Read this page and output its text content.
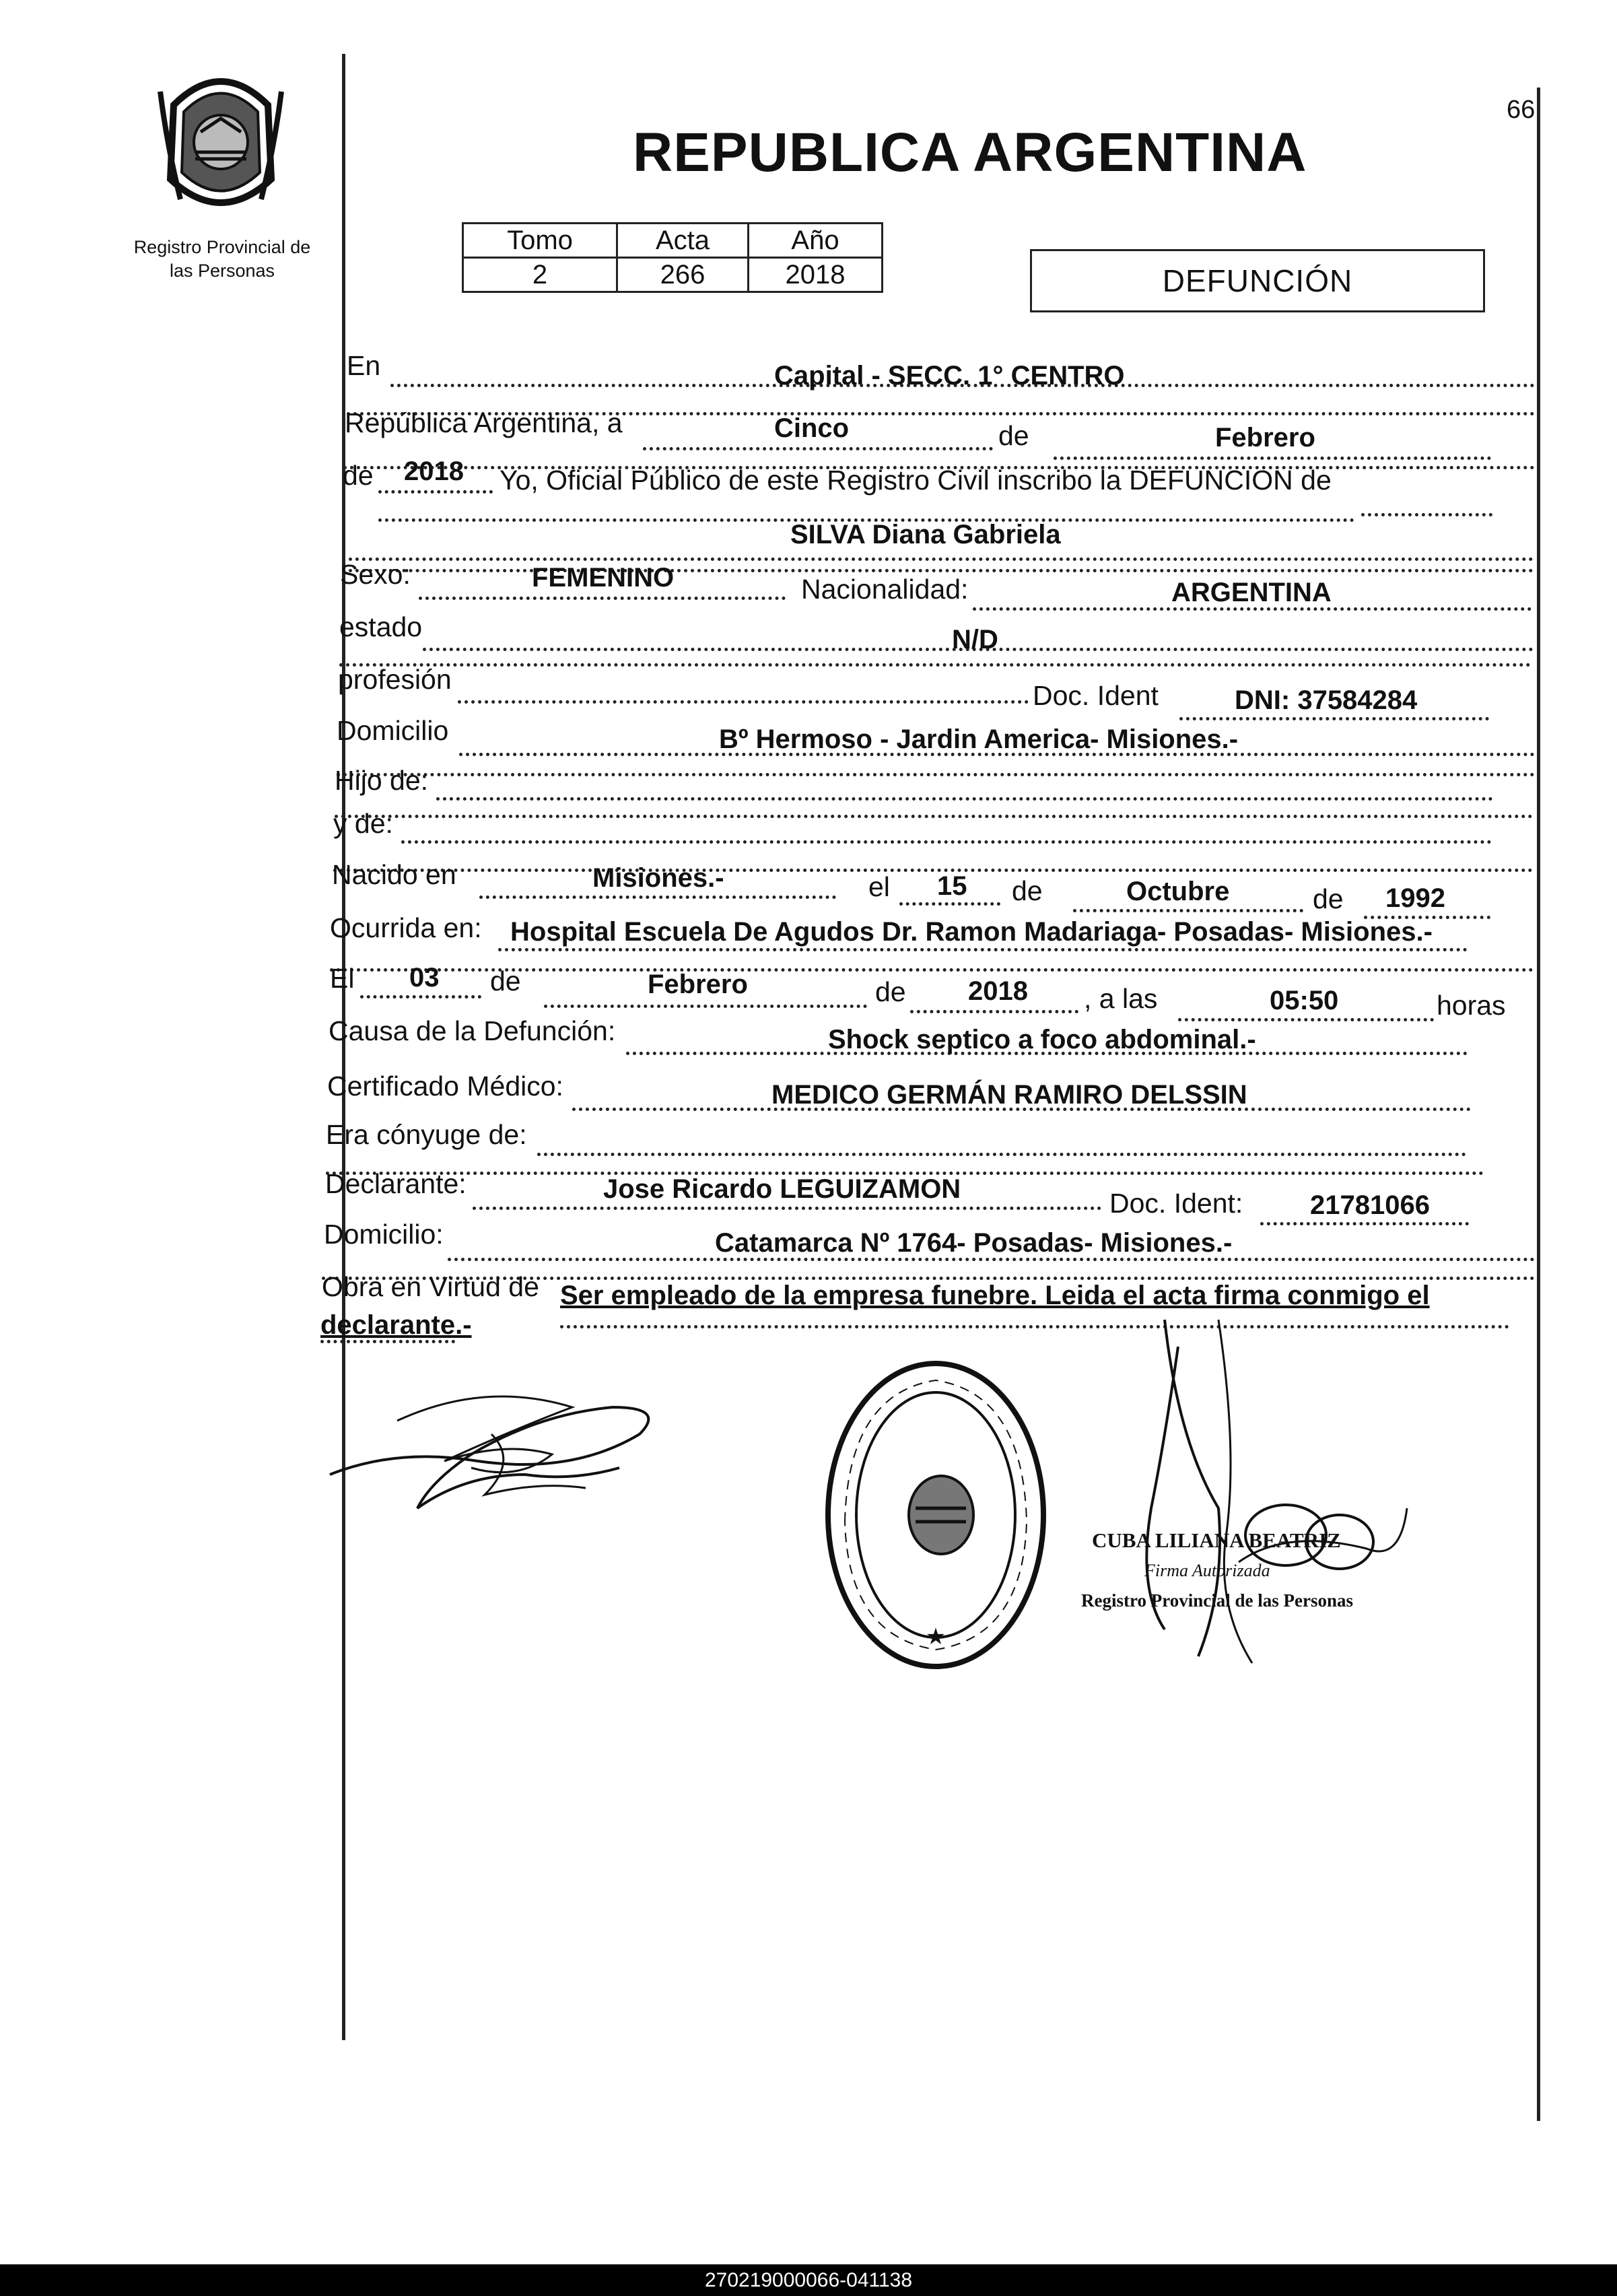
Registro Provincial de
las Personas
REPUBLICA ARGENTINA
66
Tomo	Acta	Año
2	266	2018	DEFUNCIÓN
En	Capital - SECC. 1° CENTRO
República Argentina, a	Cinco	de	Febrero
de 2018 Yo, Oficial Público de este Registro Civil inscribo la DEFUNCION de
SILVA Diana Gabriela
Sexo:	FEMENINO	Nacionalidad:	ARGENTINA
estado	N/D
profesión
Doc. Ident	DNI: 37584284
Domicilio	Bº Hermoso - Jardin America- Misiones.-
Hijo de:
y de:
Nacido en	Misiones.-	el 15 de	Octubre	de 1992
Ocurrida en: Hospital Escuela De Agudos Dr. Ramon Madariaga- Posadas- Misiones.-
El 03 de	Febrero	de 2018 , a las	05:50	horas
Causa de la Defunción:	Shock septico a foco abdominal.-
Certificado Médico:	MEDICO GERMÁN RAMIRO DELSSIN
Era cónyuge de:
Declarante:	Jose Ricardo LEGUIZAMON	Doc. Ident: 21781066
Domicilio:	Catamarca Nº 1764- Posadas- Misiones.-
Obra en Virtud de Ser empleado de la empresa funebre. Leida el acta firma conmigo el
declarante.-
★
CUBA LILIANA BEATRIZ
Firma Autorizada
Registro Provincial de las Personas
270219000066-041138
